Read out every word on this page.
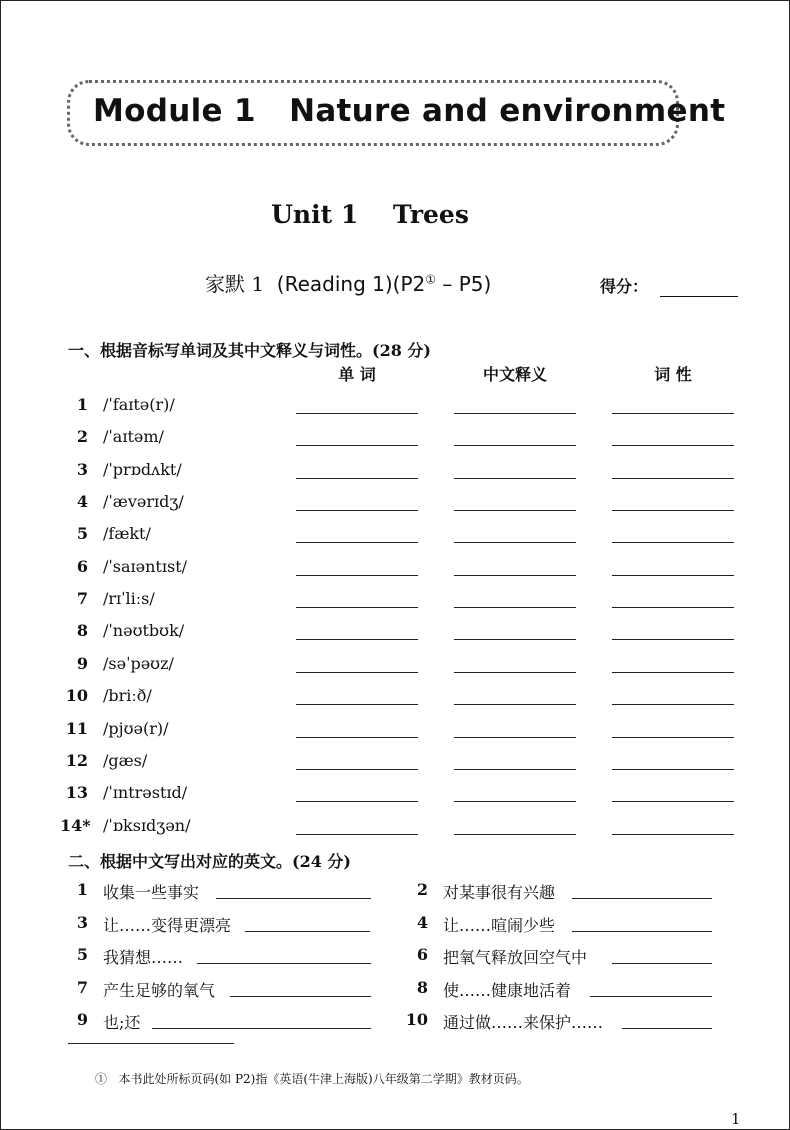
Module 1   Nature and environment
Unit 1    Trees
家默 1  (Reading 1)(P2① – P5)	得分：
一、根据音标写单词及其中文释义与词性。(28 分)
单 词	中文释义	词 性
1 /ˈfaɪtə(r)/
2 /ˈaɪtəm/
3 /ˈprɒdʌkt/
4 /ˈævərɪdʒ/
5 /fækt/
6 /ˈsaɪəntɪst/
7 /rɪˈliːs/
8 /ˈnəʊtbʊk/
9 /səˈpəʊz/
10 /briːð/
11 /pjʊə(r)/
12 /gæs/
13 /ˈɪntrəstɪd/
14* /ˈɒksɪdʒən/
二、根据中文写出对应的英文。(24 分)
1 收集一些事实	2 对某事很有兴趣
3 让……变得更漂亮	4 让……喧闹少些
5 我猜想……	6 把氧气释放回空气中
7 产生足够的氧气	8 使……健康地活着
9 也;还	10 通过做……来保护……
①   本书此处所标页码(如 P2)指《英语(牛津上海版)八年级第二学期》教材页码。
1
